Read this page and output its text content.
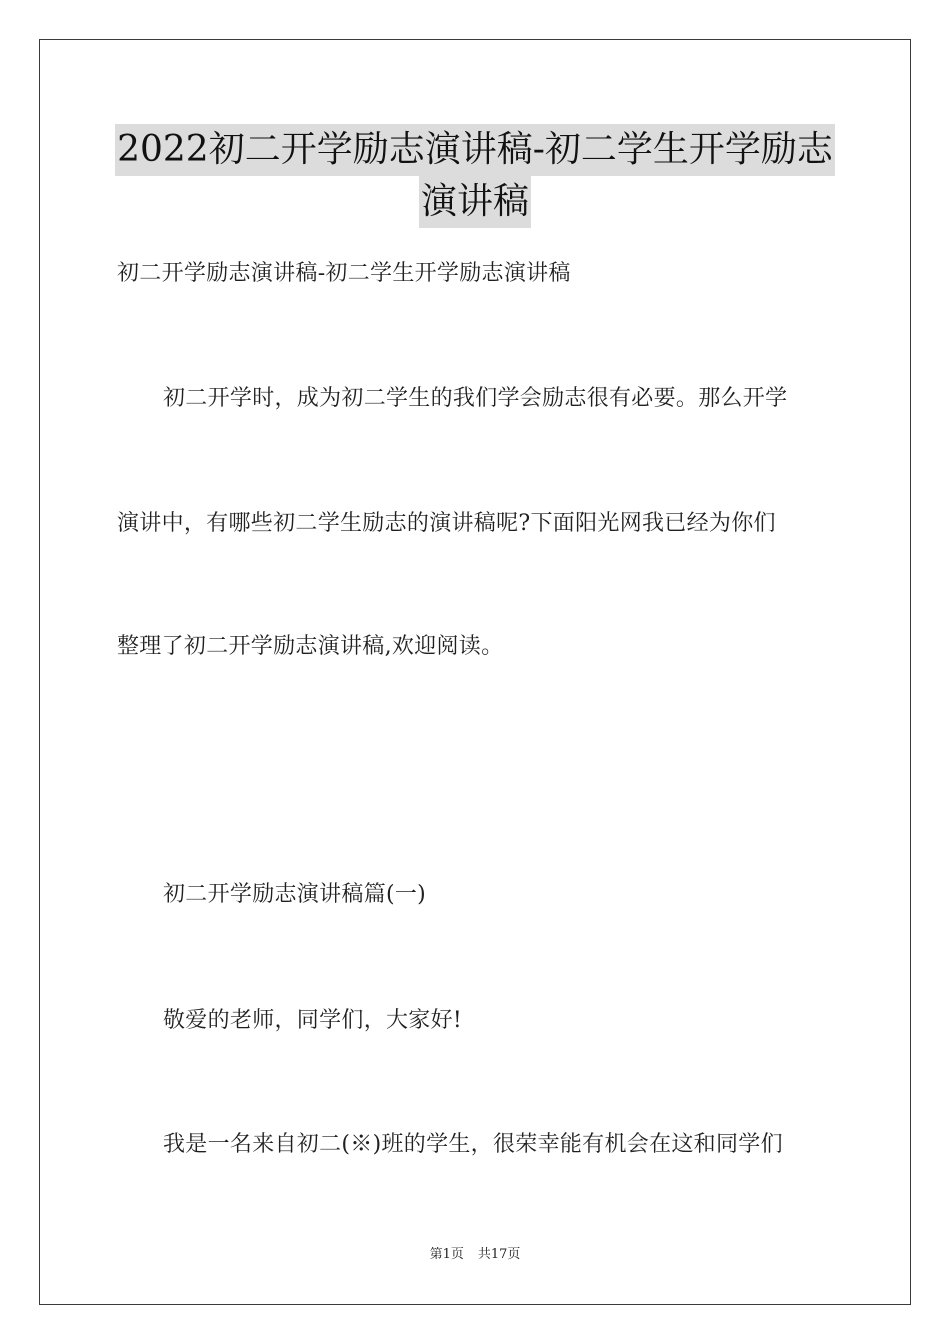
2022初二开学励志演讲稿-初二学生开学励志
演讲稿
初二开学励志演讲稿-初二学生开学励志演讲稿
初二开学时，成为初二学生的我们学会励志很有必要。那么开学
演讲中，有哪些初二学生励志的演讲稿呢?下面阳光网我已经为你们
整理了初二开学励志演讲稿,欢迎阅读。
初二开学励志演讲稿篇(一)
敬爱的老师，同学们，大家好!
我是一名来自初二(※)班的学生，很荣幸能有机会在这和同学们
第1页 共17页
